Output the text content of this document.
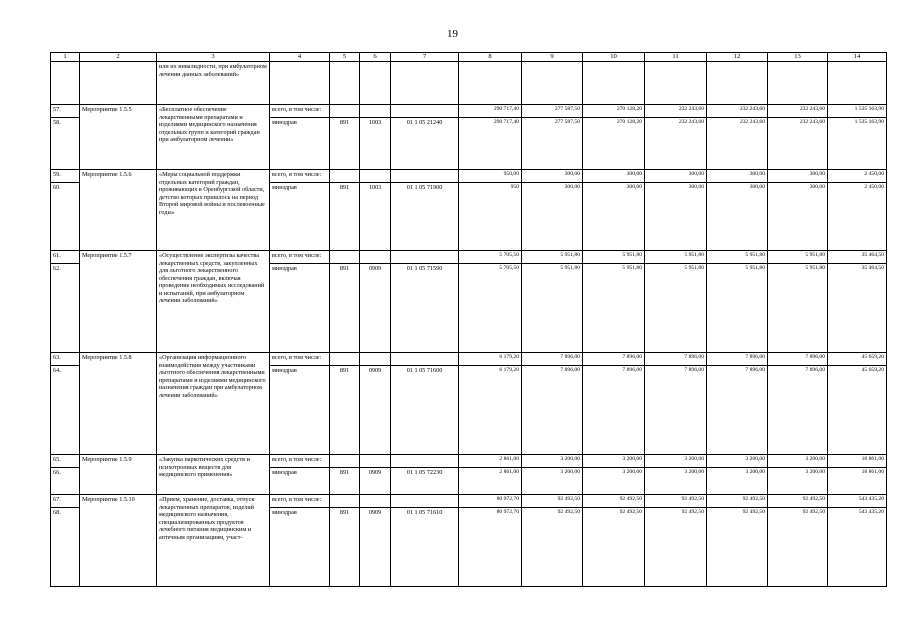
19
1	2	3	4	5	6	7	8	9	10	11	12	13	14
		или их инвалидности, при амбулаторном лечении данных заболеваний»											
57.	Мероприятие 1.5.5	«Бесплатное обеспечение лекарственными препаратами и изделиями медицинского назначения отдельных групп и категорий граждан при амбулаторном лечении»	всего, в том числе:				290 717,40	277 587,50	270 128,20	232 243,60	232 243,60	232 243,60	1 535 163,90
58.			минздрав	891	1003	01 1 05 21240	290 717,40	277 587,50	270 128,20	232 243,60	232 243,60	232 243,60	1 535 163,90
59.	Мероприятие 1.5.6	«Меры социальной поддержки отдельных категорий граждан, проживающих в Оренбургской области, детство которых пришлось на период Второй мировой войны и послевоенные годы»	всего, в том числе:				950,00	300,00	300,00	300,00	300,00	300,00	2 450,00
60.			минздрав	891	1003	01 1 05 71900	950	300,00	300,00	300,00	300,00	300,00	2 450,00
61.	Мероприятие 1.5.7	«Осуществление экспертизы качества лекарственных средств, закупленных для льготного лекарственного обеспечения граждан, включая проведение необходимых исследований и испытаний, при амбулаторном лечении заболеваний»	всего, в том числе:				5 705,50	5 951,80	5 951,80	5 951,80	5 951,80	5 951,80	35 464,50
62.			минздрав	891	0909	01 1 05 71590	5 705,50	5 951,80	5 951,80	5 951,80	5 951,80	5 951,80	35 464,50
63.	Мероприятие 1.5.8	«Организация информационного взаимодействия между участниками льготного обеспечения лекарственными препаратами и изделиями медицинского назначения граждан при амбулаторном лечении заболеваний»	всего, в том числе:				6 179,20	7 896,00	7 896,00	7 896,00	7 896,00	7 896,00	45 659,20
64.			минздрав	891	0909	01 1 05 71600	6 179,20	7 896,00	7 896,00	7 896,00	7 896,00	7 896,00	45 659,20
65.	Мероприятие 1.5.9	«Закупка наркотических средств и психотропных веществ для медицинского применения»	всего, в том числе:				2 861,00	3 200,00	3 200,00	3 200,00	3 200,00	3 200,00	18 861,00
66.			минздрав	891	0909	01 1 05 72230	2 861,00	3 200,00	3 200,00	3 200,00	3 200,00	3 200,00	18 861,00
67.	Мероприятие 1.5.10	«Прием, хранение, доставка, отпуск лекарственных препаратов, изделий медицинского назначения, специализированных продуктов лечебного питания медицинским и аптечным организациям, участ-	всего, в том числе:				80 972,70	92 492,50	92 492,50	92 492,50	92 492,50	92 492,50	543 435,20
68.			минздрав	891	0909	01 1 05 71610	80 972,70	92 492,50	92 492,50	92 492,50	92 492,50	92 492,50	543 435,20
